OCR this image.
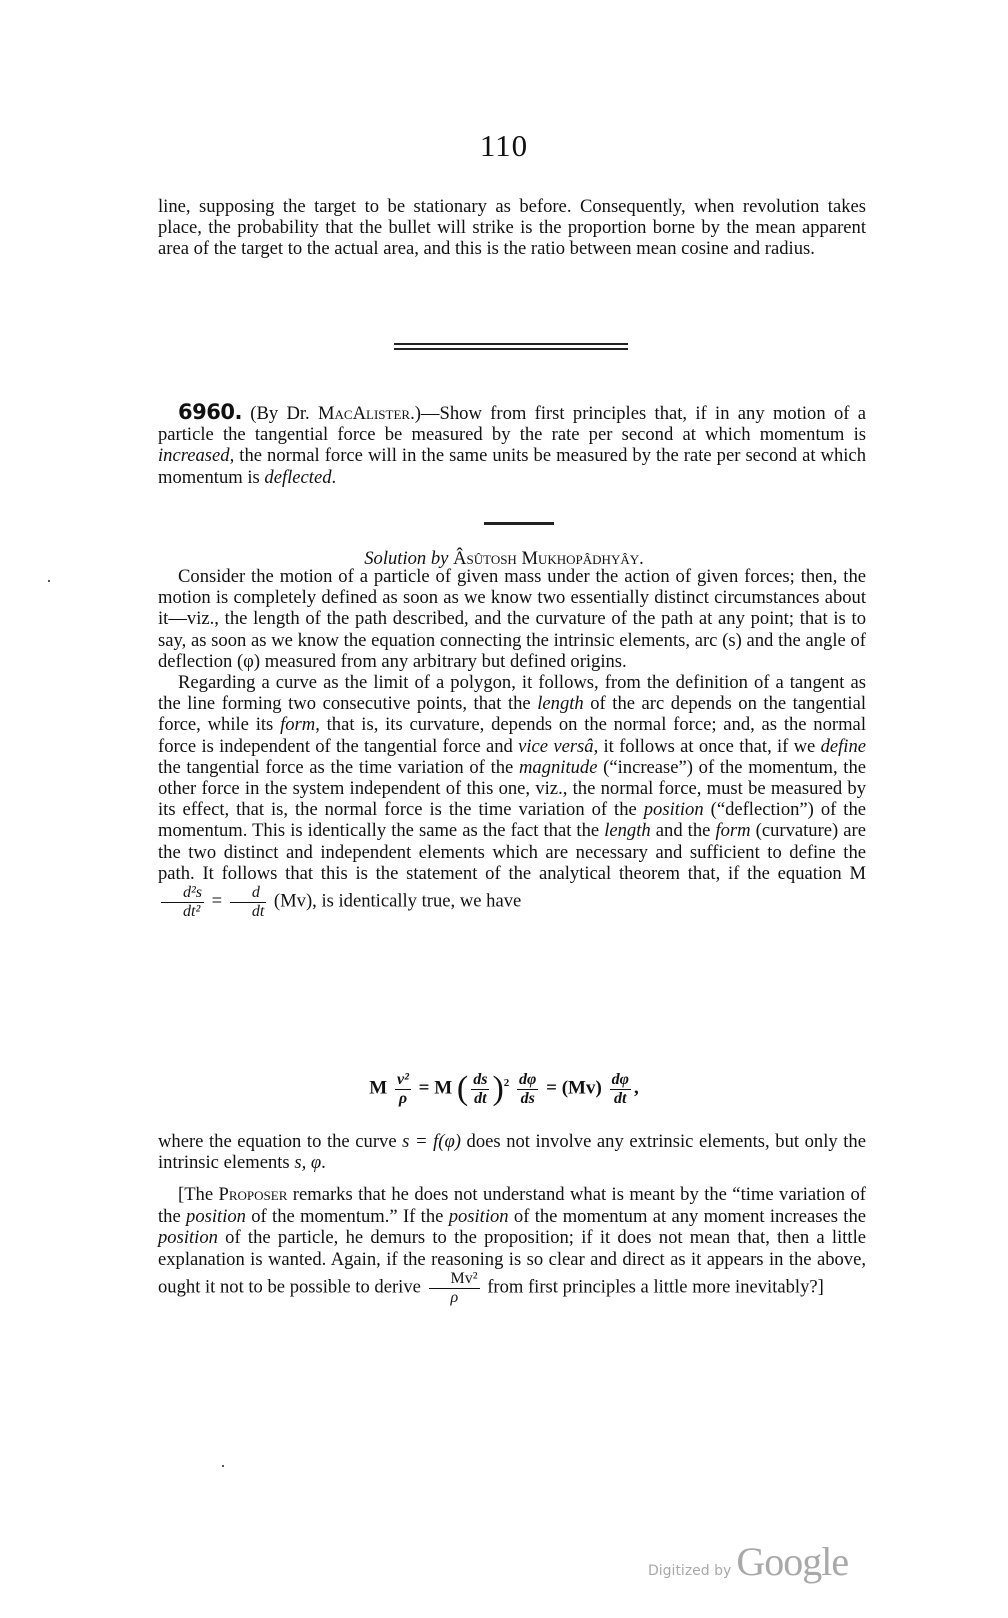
110

line, supposing the target to be stationary as before. Consequently, when revolution takes place, the probability that the bullet will strike is the proportion borne by the mean apparent area of the target to the actual area, and this is the ratio between mean cosine and radius.

6960. (By Dr. MacAlister.)—Show from first principles that, if in any motion of a particle the tangential force be measured by the rate per second at which momentum is increased, the normal force will in the same units be measured by the rate per second at which momentum is deflected.

Solution by Âsûtosh Mukhopâdhyây.

Consider the motion of a particle of given mass under the action of given forces; then, the motion is completely defined as soon as we know two essentially distinct circumstances about it—viz., the length of the path described, and the curvature of the path at any point; that is to say, as soon as we know the equation connecting the intrinsic elements, arc (s) and the angle of deflection (φ) measured from any arbitrary but defined origins.

Regarding a curve as the limit of a polygon, it follows, from the definition of a tangent as the line forming two consecutive points, that the length of the arc depends on the tangential force, while its form, that is, its curvature, depends on the normal force; and, as the normal force is independent of the tangential force and vice versâ, it follows at once that, if we define the tangential force as the time variation of the magnitude (“increase”) of the momentum, the other force in the system independent of this one, viz., the normal force, must be measured by its effect, that is, the normal force is the time variation of the position (“deflection”) of the momentum. This is identically the same as the fact that the length and the form (curvature) are the two distinct and independent elements which are necessary and sufficient to define the path. It follows that this is the statement of the analytical theorem that, if the equation M
$\frac{\text{d²s}}{\text{dt²}} = \frac{d}{dt} (Mv)$, is identically true, we have

M $\frac{\text{v²}}{\rho} = M$ ( $\frac{ds}{dt} )^2 \frac{d\varphi}{ds} = (Mv) \frac{d\varphi}{dt}$ ,

where the equation to the curve s = f(φ) does not involve any extrinsic elements, but only the intrinsic elements s, φ.

[The Proposer remarks that he does not understand what is meant by the “time variation of the position of the momentum.” If the position of the momentum at any moment increases the position of the particle, he demurs to the proposition; if it does not mean that, then a little explanation is wanted. Again, if the reasoning is so clear and direct as it appears in the above, ought it not to be possible to derive $\frac{\text{Mv²}}{\rho}$ from first principles a little more inevitably?]

Digitized by Google
